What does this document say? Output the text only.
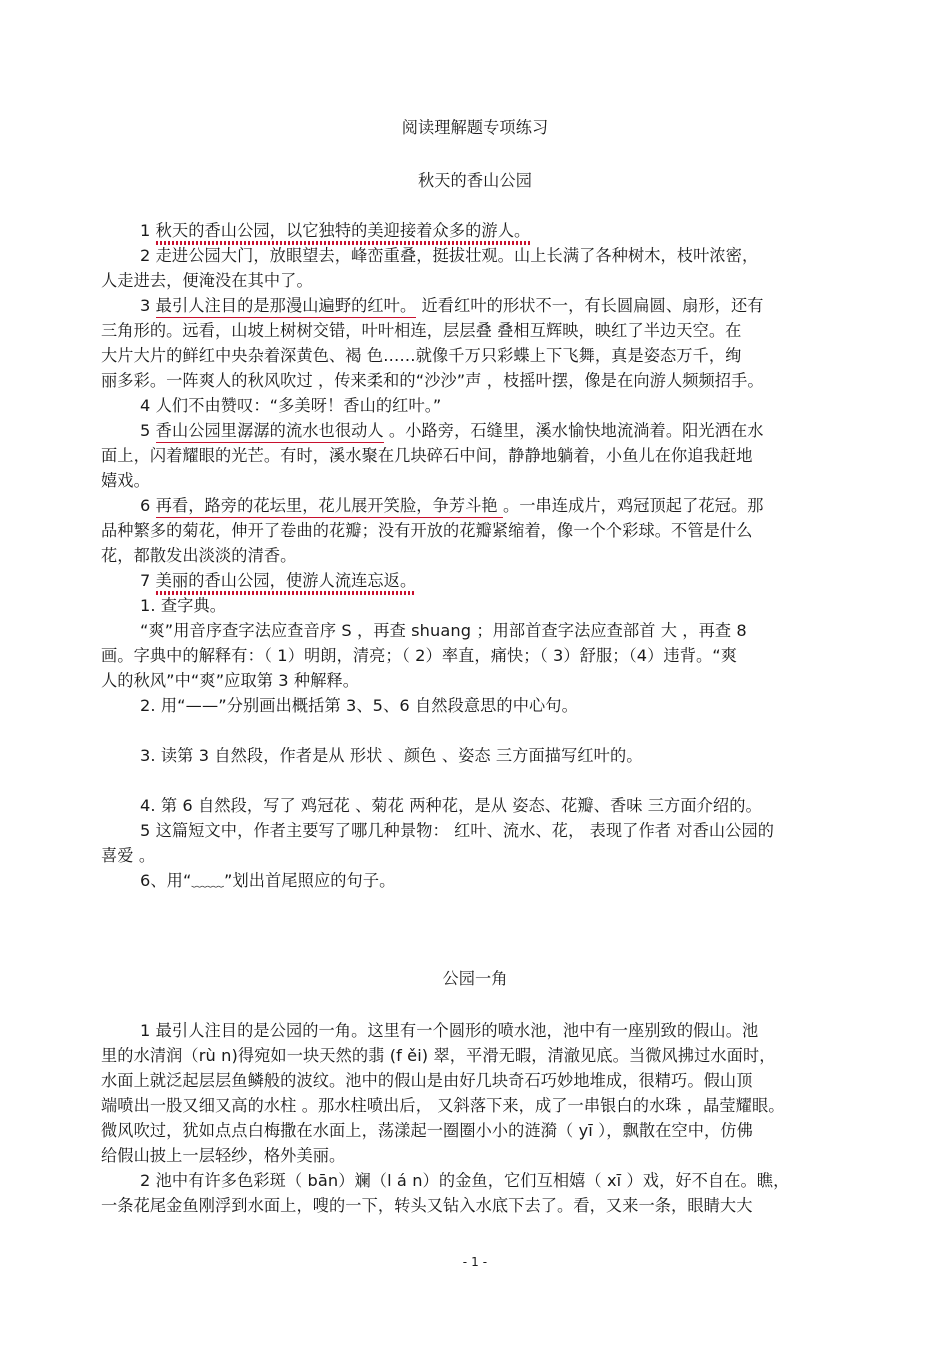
阅读理解题专项练习
秋天的香山公园
1 秋天的香山公园，以它独特的美迎接着众多的游人。
2 走进公园大门，放眼望去，峰峦重叠，挺拔壮观。山上长满了各种树木，枝叶浓密，
人走进去，便淹没在其中了。
3 最引人注目的是那漫山遍野的红叶。 近看红叶的形状不一，有长圆扁圆、扇形，还有
三角形的。远看，山坡上树树交错，叶叶相连，层层叠 叠相互辉映，映红了半边天空。在
大片大片的鲜红中央杂着深黄色、褐 色……就像千万只彩蝶上下飞舞，真是姿态万千，绚
丽多彩。一阵爽人的秋风吹过 ，传来柔和的“沙沙”声 ，枝摇叶摆，像是在向游人频频招手。
4 人们不由赞叹：“多美呀！香山的红叶。”
5 香山公园里潺潺的流水也很动人 。小路旁，石缝里，溪水愉快地流淌着。阳光洒在水
面上，闪着耀眼的光芒。有时，溪水聚在几块碎石中间，静静地躺着，小鱼儿在你追我赶地
嬉戏。
6 再看，路旁的花坛里，花儿展开笑脸，争芳斗艳 。一串连成片，鸡冠顶起了花冠。那
品种繁多的菊花，伸开了卷曲的花瓣；没有开放的花瓣紧缩着，像一个个彩球。不管是什么
花，都散发出淡淡的清香。
7 美丽的香山公园，使游人流连忘返。
1. 查字典。
“爽”用音序查字法应查音序 S ，再查 shuang ；用部首查字法应查部首 大 ，再查 8
画。字典中的解释有：（ 1）明朗，清亮；（ 2）率直，痛快；（ 3）舒服；（4）违背。“爽
人的秋风”中“爽”应取第 3 种解释。
2. 用“——”分别画出概括第 3、5、6 自然段意思的中心句。
3. 读第 3 自然段，作者是从 形状 、颜色 、姿态 三方面描写红叶的。
4. 第 6 自然段，写了 鸡冠花 、菊花 两种花，是从 姿态、花瓣、香味 三方面介绍的。
5 这篇短文中，作者主要写了哪几种景物： 红叶、流水、花， 表现了作者 对香山公园的
喜爱 。
6、用“﹏﹏”划出首尾照应的句子。
公园一角
1 最引人注目的是公园的一角。这里有一个圆形的喷水池，池中有一座别致的假山。池
里的水清润（rù n)得宛如一块天然的翡 (f ěi) 翠，平滑无暇，清澈见底。当微风拂过水面时，
水面上就泛起层层鱼鳞般的波纹。池中的假山是由好几块奇石巧妙地堆成，很精巧。假山顶
端喷出一股又细又高的水柱 。那水柱喷出后， 又斜落下来，成了一串银白的水珠 ，晶莹耀眼。
微风吹过，犹如点点白梅撒在水面上，荡漾起一圈圈小小的涟漪（ yī ），飘散在空中，仿佛
给假山披上一层轻纱，格外美丽。
2 池中有许多色彩斑（ bān）斓（l á n）的金鱼，它们互相嬉（ xī ）戏，好不自在。瞧，
一条花尾金鱼刚浮到水面上，嗖的一下，转头又钻入水底下去了。看，又来一条，眼睛大大
- 1 -
